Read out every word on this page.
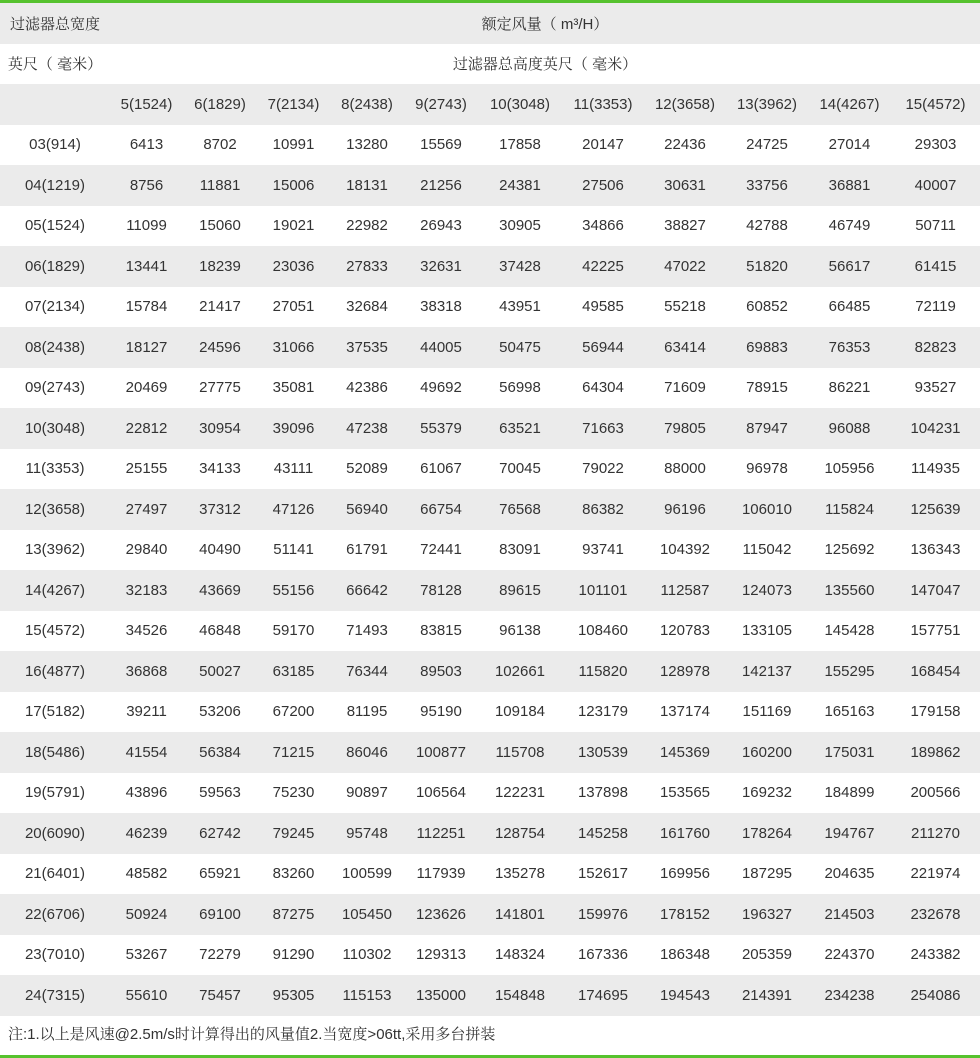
过滤器总宽度	额定风量（ m³/H）										
英尺（ 毫米）	过滤器总高度英尺（ 毫米）										
	5(1524)	6(1829)	7(2134)	8(2438)	9(2743)	10(3048)	11(3353)	12(3658)	13(3962)	14(4267)	15(4572)
03(914)	6413	8702	10991	13280	15569	17858	20147	22436	24725	27014	29303
04(1219)	8756	11881	15006	18131	21256	24381	27506	30631	33756	36881	40007
05(1524)	11099	15060	19021	22982	26943	30905	34866	38827	42788	46749	50711
06(1829)	13441	18239	23036	27833	32631	37428	42225	47022	51820	56617	61415
07(2134)	15784	21417	27051	32684	38318	43951	49585	55218	60852	66485	72119
08(2438)	18127	24596	31066	37535	44005	50475	56944	63414	69883	76353	82823
09(2743)	20469	27775	35081	42386	49692	56998	64304	71609	78915	86221	93527
10(3048)	22812	30954	39096	47238	55379	63521	71663	79805	87947	96088	104231
11(3353)	25155	34133	43111	52089	61067	70045	79022	88000	96978	105956	114935
12(3658)	27497	37312	47126	56940	66754	76568	86382	96196	106010	115824	125639
13(3962)	29840	40490	51141	61791	72441	83091	93741	104392	115042	125692	136343
14(4267)	32183	43669	55156	66642	78128	89615	101101	112587	124073	135560	147047
15(4572)	34526	46848	59170	71493	83815	96138	108460	120783	133105	145428	157751
16(4877)	36868	50027	63185	76344	89503	102661	115820	128978	142137	155295	168454
17(5182)	39211	53206	67200	81195	95190	109184	123179	137174	151169	165163	179158
18(5486)	41554	56384	71215	86046	100877	115708	130539	145369	160200	175031	189862
19(5791)	43896	59563	75230	90897	106564	122231	137898	153565	169232	184899	200566
20(6090)	46239	62742	79245	95748	112251	128754	145258	161760	178264	194767	211270
21(6401)	48582	65921	83260	100599	117939	135278	152617	169956	187295	204635	221974
22(6706)	50924	69100	87275	105450	123626	141801	159976	178152	196327	214503	232678
23(7010)	53267	72279	91290	110302	129313	148324	167336	186348	205359	224370	243382
24(7315)	55610	75457	95305	115153	135000	154848	174695	194543	214391	234238	254086
注:1.以上是风速@2.5m/s时计算得出的风量值2.当宽度>06tt,采用多台拼装
